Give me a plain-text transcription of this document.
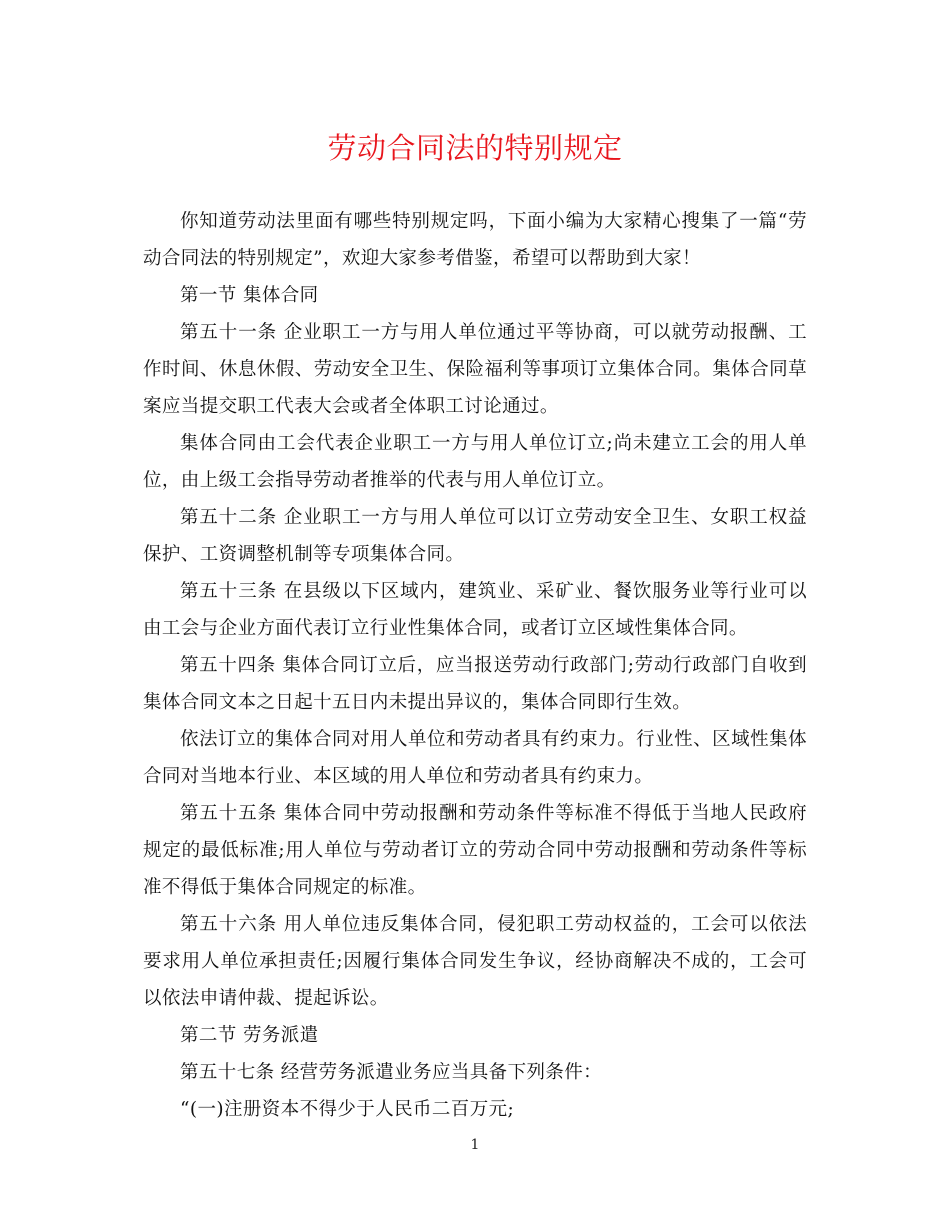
劳动合同法的特别规定

你知道劳动法里面有哪些特别规定吗，下面小编为大家精心搜集了一篇“劳动合同法的特别规定”，欢迎大家参考借鉴，希望可以帮助到大家！

第一节 集体合同

第五十一条 企业职工一方与用人单位通过平等协商，可以就劳动报酬、工作时间、休息休假、劳动安全卫生、保险福利等事项订立集体合同。集体合同草案应当提交职工代表大会或者全体职工讨论通过。

集体合同由工会代表企业职工一方与用人单位订立;尚未建立工会的用人单位，由上级工会指导劳动者推举的代表与用人单位订立。

第五十二条 企业职工一方与用人单位可以订立劳动安全卫生、女职工权益保护、工资调整机制等专项集体合同。

第五十三条 在县级以下区域内，建筑业、采矿业、餐饮服务业等行业可以由工会与企业方面代表订立行业性集体合同，或者订立区域性集体合同。

第五十四条 集体合同订立后，应当报送劳动行政部门;劳动行政部门自收到集体合同文本之日起十五日内未提出异议的，集体合同即行生效。

依法订立的集体合同对用人单位和劳动者具有约束力。行业性、区域性集体合同对当地本行业、本区域的用人单位和劳动者具有约束力。

第五十五条 集体合同中劳动报酬和劳动条件等标准不得低于当地人民政府规定的最低标准;用人单位与劳动者订立的劳动合同中劳动报酬和劳动条件等标准不得低于集体合同规定的标准。

第五十六条 用人单位违反集体合同，侵犯职工劳动权益的，工会可以依法要求用人单位承担责任;因履行集体合同发生争议，经协商解决不成的，工会可以依法申请仲裁、提起诉讼。

第二节 劳务派遣

第五十七条 经营劳务派遣业务应当具备下列条件：

“(一)注册资本不得少于人民币二百万元;

1
